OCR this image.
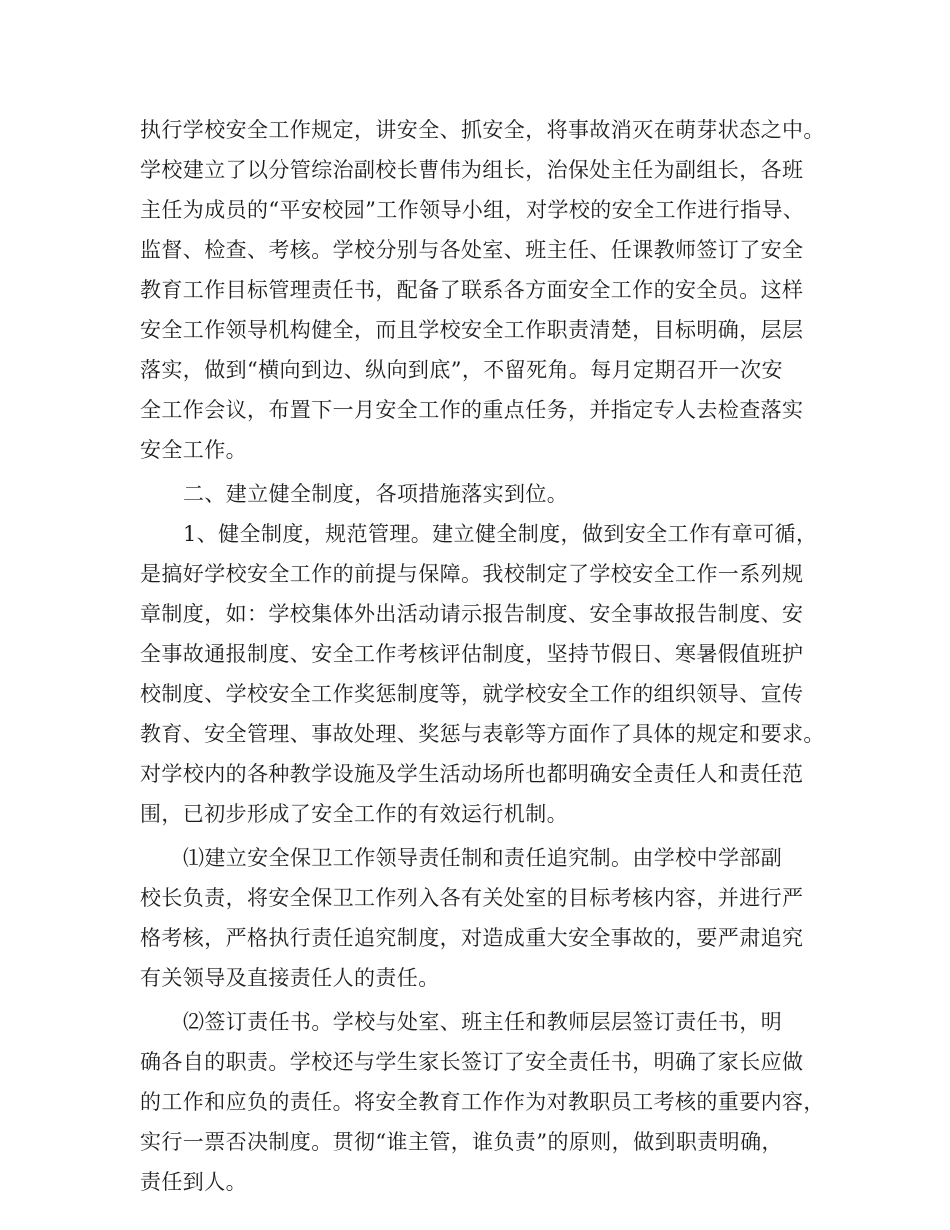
执行学校安全工作规定，讲安全、抓安全，将事故消灭在萌芽状态之中。
学校建立了以分管综治副校长曹伟为组长，治保处主任为副组长，各班
主任为成员的“平安校园”工作领导小组，对学校的安全工作进行指导、
监督、检查、考核。学校分别与各处室、班主任、任课教师签订了安全
教育工作目标管理责任书，配备了联系各方面安全工作的安全员。这样
安全工作领导机构健全，而且学校安全工作职责清楚，目标明确，层层
落实，做到“横向到边、纵向到底”，不留死角。每月定期召开一次安
全工作会议，布置下一月安全工作的重点任务，并指定专人去检查落实
安全工作。
二、建立健全制度，各项措施落实到位。
1、健全制度，规范管理。建立健全制度，做到安全工作有章可循，
是搞好学校安全工作的前提与保障。我校制定了学校安全工作一系列规
章制度，如：学校集体外出活动请示报告制度、安全事故报告制度、安
全事故通报制度、安全工作考核评估制度，坚持节假日、寒暑假值班护
校制度、学校安全工作奖惩制度等，就学校安全工作的组织领导、宣传
教育、安全管理、事故处理、奖惩与表彰等方面作了具体的规定和要求。
对学校内的各种教学设施及学生活动场所也都明确安全责任人和责任范
围，已初步形成了安全工作的有效运行机制。
⑴建立安全保卫工作领导责任制和责任追究制。由学校中学部副
校长负责，将安全保卫工作列入各有关处室的目标考核内容，并进行严
格考核，严格执行责任追究制度，对造成重大安全事故的，要严肃追究
有关领导及直接责任人的责任。
⑵签订责任书。学校与处室、班主任和教师层层签订责任书，明
确各自的职责。学校还与学生家长签订了安全责任书，明确了家长应做
的工作和应负的责任。将安全教育工作作为对教职员工考核的重要内容，
实行一票否决制度。贯彻“谁主管，谁负责”的原则，做到职责明确，
责任到人。
